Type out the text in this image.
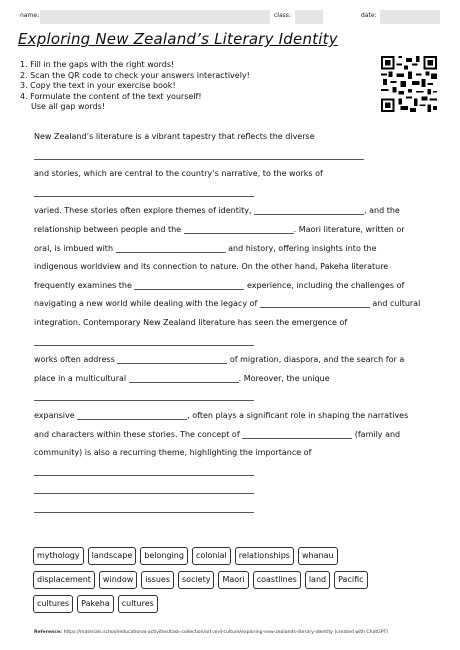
name:	class:	date:
Exploring New Zealand’s Literary Identity
1. Fill in the gaps with the right words!
2. Scan the QR code to check your answers interactively!
3. Copy the text in your exercise book!
4. Formulate the content of the text yourself!
Use all gap words!
New Zealand’s literature is a vibrant tapestry that reflects the diverse
and stories, which are central to the country’s narrative, to the works of
varied. These stories often explore themes of identity,	, and the
relationship between people and the	. Maori literature, written or
oral, is imbued with	and history, offering insights into the
indigenous worldview and its connection to nature. On the other hand, Pakeha literature
frequently examines the	experience, including the challenges of
navigating a new world while dealing with the legacy of	and cultural
integration. Contemporary New Zealand literature has seen the emergence of
works often address	of migration, diaspora, and the search for a
place in a multicultural	. Moreover, the unique
expansive	, often plays a significant role in shaping the narratives
and characters within these stories. The concept of	(family and
community) is also a recurring theme, highlighting the importance of
mythology	landscape	belonging	colonial	relationships	whanau
displacement	window	issues	society	Maori	coastlines	land	Pacific
cultures	Pakeha	cultures
Reference: https://materials.school/educational-activities/task-collection/art-and-culture/exploring-new-zealands-literary-identity (created with ChatGPT)
